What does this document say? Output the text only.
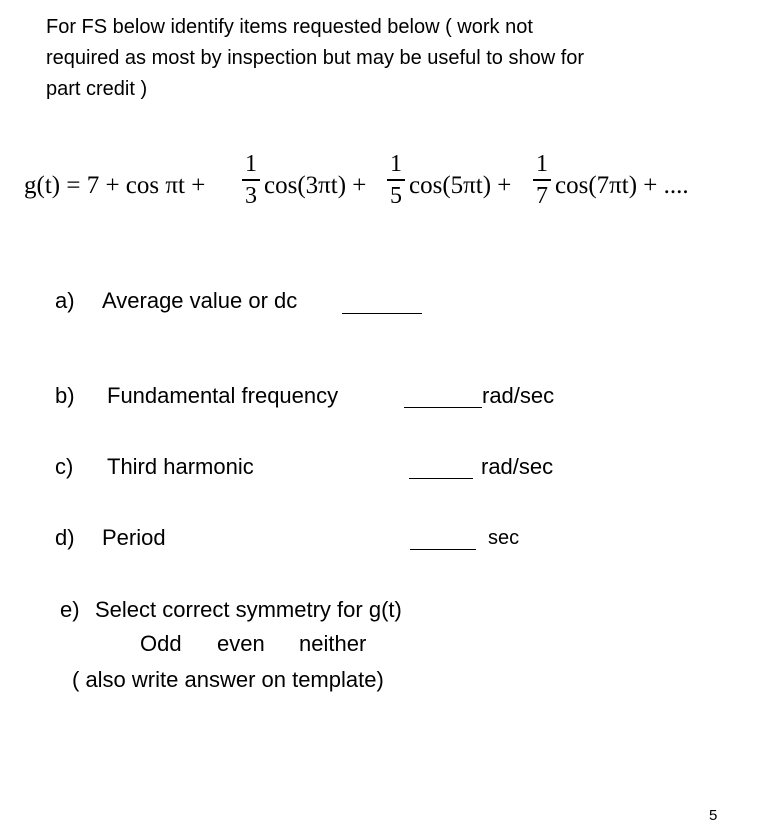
For FS below identify items requested below ( work not
required as most by inspection but may be useful to show for
part credit )
g(t) = 7 + cos πt +
1
3 cos(3πt) +
1
5 cos(5πt) +
1
7 cos(7πt) + ....
a) Average value or dc
b) Fundamental frequency	rad/sec
c) Third harmonic	rad/sec
d) Period	sec
e) Select correct symmetry for g(t)
Odd even neither
( also write answer on template)
5
